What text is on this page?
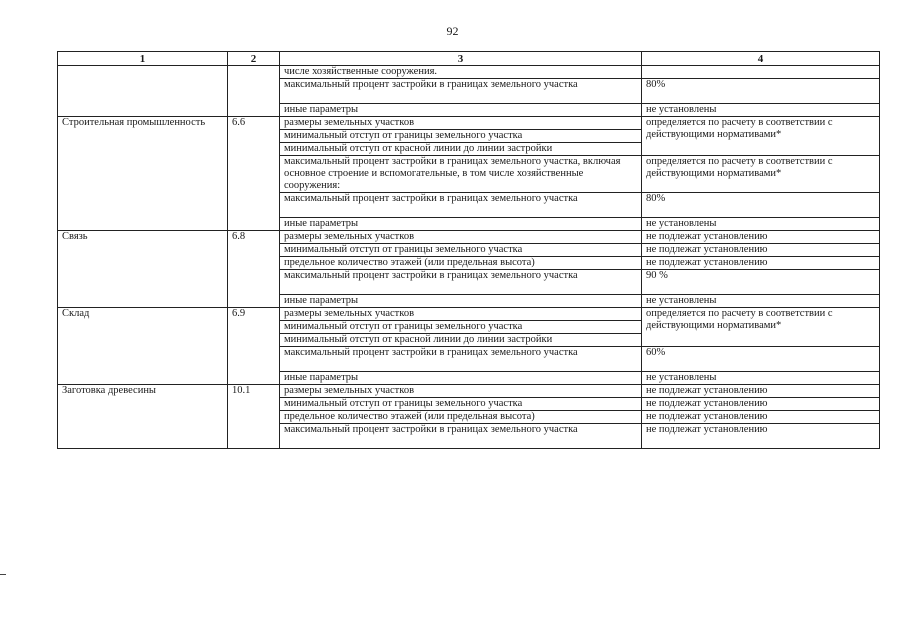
92
1	2	3	4
		числе хозяйственные сооружения.	
		максимальный процент застройки в границах земельного участка	80%
		иные параметры	не установлены
Строительная промышленность	6.6	размеры земельных участков	определяется по расчету в соответствии с действующими нормативами*
		минимальный отступ от границы земельного участка	
		минимальный отступ от красной линии до линии застройки	
		максимальный процент застройки в границах земельного участка, включая основное строение и вспомогательные, в том числе хозяйственные сооружения:	определяется по расчету в соответствии с действующими нормативами*
		максимальный процент застройки в границах земельного участка	80%
		иные параметры	не установлены
Связь	6.8	размеры земельных участков	не подлежат установлению
		минимальный отступ от границы земельного участка	не подлежат установлению
		предельное количество этажей (или предельная высота)	не подлежат установлению
		максимальный процент застройки в границах земельного участка	90 %
		иные параметры	не установлены
Склад	6.9	размеры земельных участков	определяется по расчету в соответствии с действующими нормативами*
		минимальный отступ от границы земельного участка	
		минимальный отступ от красной линии до линии застройки	
		максимальный процент застройки в границах земельного участка	60%
		иные параметры	не установлены
Заготовка древесины	10.1	размеры земельных участков	не подлежат установлению
		минимальный отступ от границы земельного участка	не подлежат установлению
		предельное количество этажей (или предельная высота)	не подлежат установлению
		максимальный процент застройки в границах земельного участка	не подлежат установлению
